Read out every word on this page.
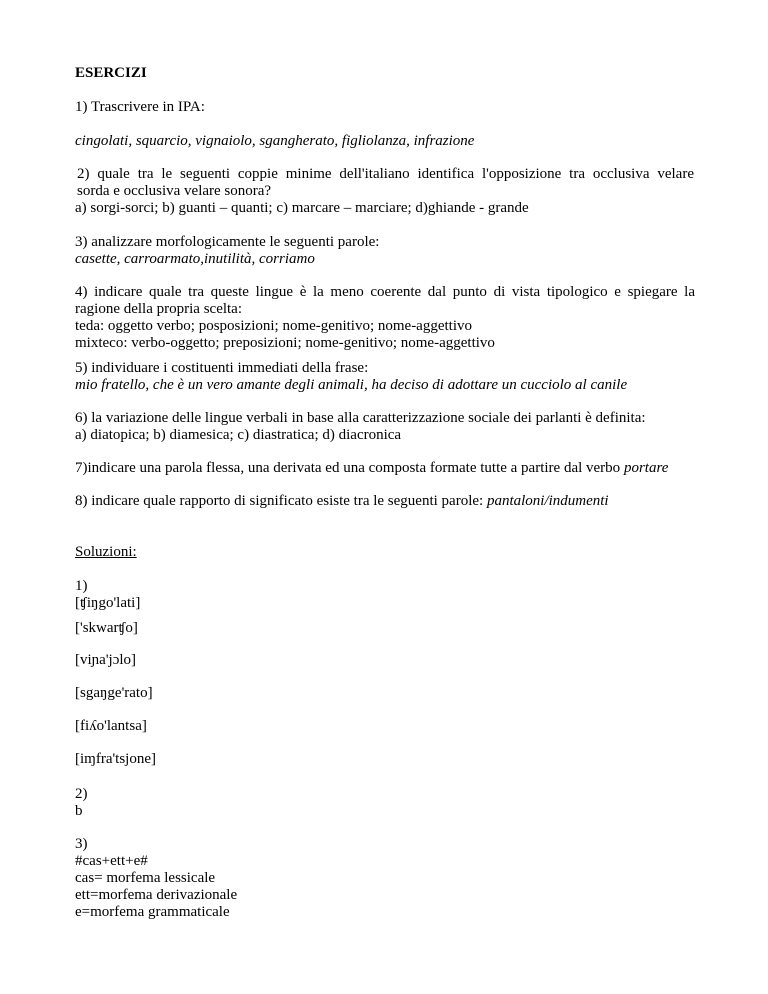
ESERCIZI
1) Trascrivere in IPA:
cingolati, squarcio, vignaiolo, sgangherato, figliolanza, infrazione
2) quale tra le seguenti coppie minime dell'italiano identifica l'opposizione tra occlusiva velare
sorda e occlusiva velare sonora?
a) sorgi-sorci; b) guanti – quanti; c) marcare – marciare; d)ghiande - grande
3) analizzare morfologicamente le seguenti parole:
casette, carroarmato,inutilità, corriamo
4) indicare quale tra queste lingue è la meno coerente dal punto di vista tipologico e spiegare la
ragione della propria scelta:
teda: oggetto verbo; posposizioni; nome-genitivo; nome-aggettivo
mixteco: verbo-oggetto; preposizioni; nome-genitivo; nome-aggettivo
5) individuare i costituenti immediati della frase:
mio fratello, che è un vero amante degli animali, ha deciso di adottare un cucciolo al canile
6) la variazione delle lingue verbali in base alla caratterizzazione sociale dei parlanti è definita:
a) diatopica; b) diamesica; c) diastratica; d) diacronica
7)indicare una parola flessa, una derivata ed una composta formate tutte a partire dal verbo portare
8) indicare quale rapporto di significato esiste tra le seguenti parole: pantaloni/indumenti
Soluzioni:
1)
[ʧiŋgo'lati]
['skwarʧo]
[viɲa'jɔlo]
[sgaŋge'rato]
[fiʎo'lantsa]
[iɱfra'tsjone]
2)
b
3)
#cas+ett+e#
cas= morfema lessicale
ett=morfema derivazionale
e=morfema grammaticale
